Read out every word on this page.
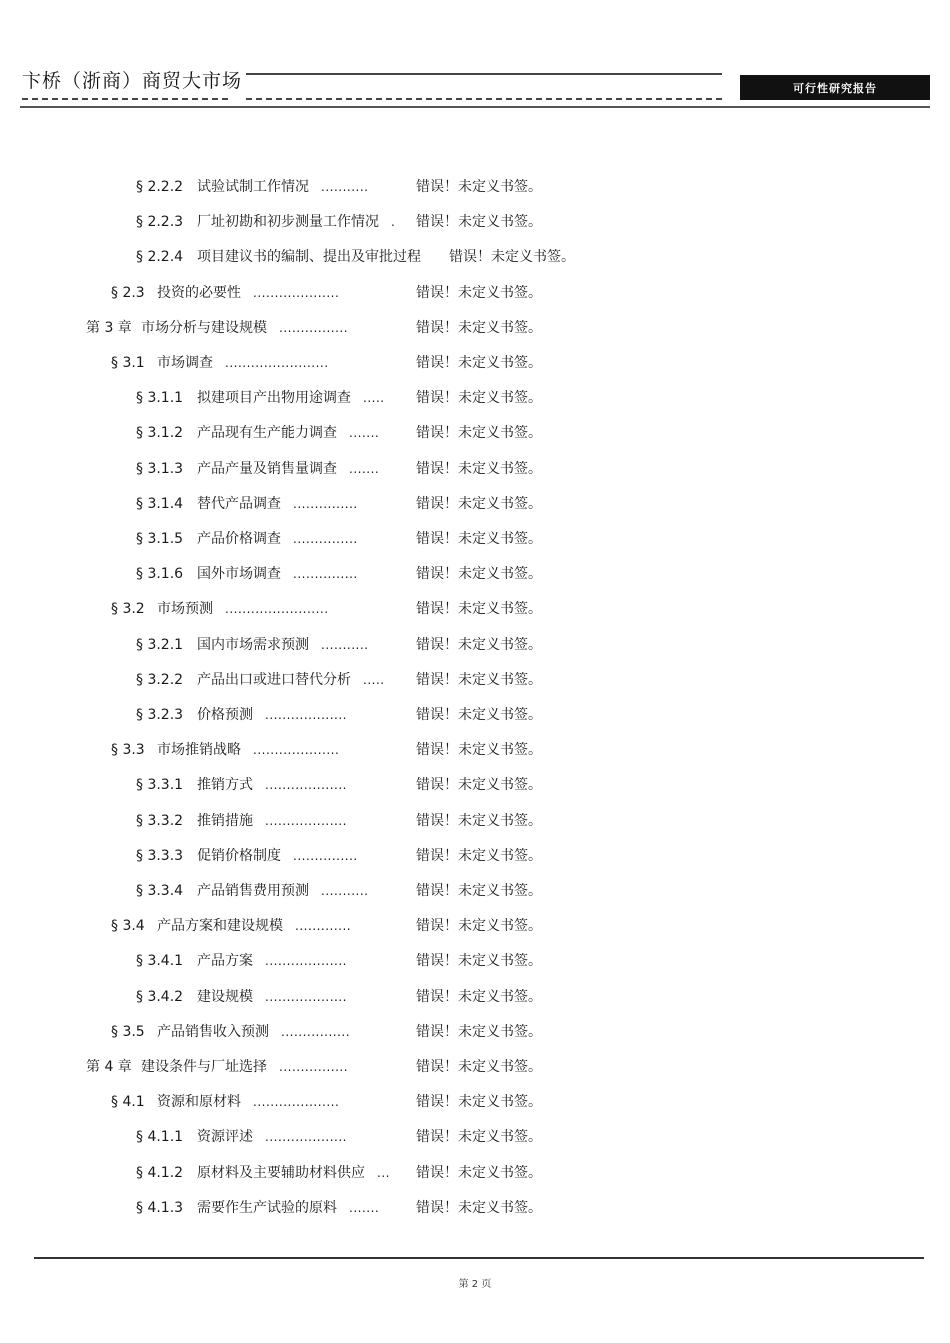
卞桥（浙商）商贸大市场	可行性研究报告
§ 2.2.2 试验试制工作情况 ...........	错误！未定义书签。
§ 2.2.3 厂址初勘和初步测量工作情况 . 错误！未定义书签。
§ 2.2.4 项目建议书的编制、提出及审批过程 错误！未定义书签。
§ 2.3 投资的必要性 ....................	错误！未定义书签。
第 3 章 市场分析与建设规模 ................	错误！未定义书签。
§ 3.1 市场调查 ........................	错误！未定义书签。
§ 3.1.1 拟建项目产出物用途调查 ..... 错误！未定义书签。
§ 3.1.2 产品现有生产能力调查 .......	错误！未定义书签。
§ 3.1.3 产品产量及销售量调查 .......	错误！未定义书签。
§ 3.1.4 替代产品调查 ...............	错误！未定义书签。
§ 3.1.5 产品价格调查 ...............	错误！未定义书签。
§ 3.1.6 国外市场调查 ...............	错误！未定义书签。
§ 3.2 市场预测 ........................	错误！未定义书签。
§ 3.2.1 国内市场需求预测 ...........	错误！未定义书签。
§ 3.2.2 产品出口或进口替代分析 ..... 错误！未定义书签。
§ 3.2.3 价格预测 ...................	错误！未定义书签。
§ 3.3 市场推销战略 ....................	错误！未定义书签。
§ 3.3.1 推销方式 ...................	错误！未定义书签。
§ 3.3.2 推销措施 ...................	错误！未定义书签。
§ 3.3.3 促销价格制度 ...............	错误！未定义书签。
§ 3.3.4 产品销售费用预测 ...........	错误！未定义书签。
§ 3.4 产品方案和建设规模 .............	错误！未定义书签。
§ 3.4.1 产品方案 ...................	错误！未定义书签。
§ 3.4.2 建设规模 ...................	错误！未定义书签。
§ 3.5 产品销售收入预测 ................	错误！未定义书签。
第 4 章 建设条件与厂址选择 ................	错误！未定义书签。
§ 4.1 资源和原材料 ....................	错误！未定义书签。
§ 4.1.1 资源评述 ...................	错误！未定义书签。
§ 4.1.2 原材料及主要辅助材料供应 ... 错误！未定义书签。
§ 4.1.3 需要作生产试验的原料 .......	错误！未定义书签。
第 2 页
